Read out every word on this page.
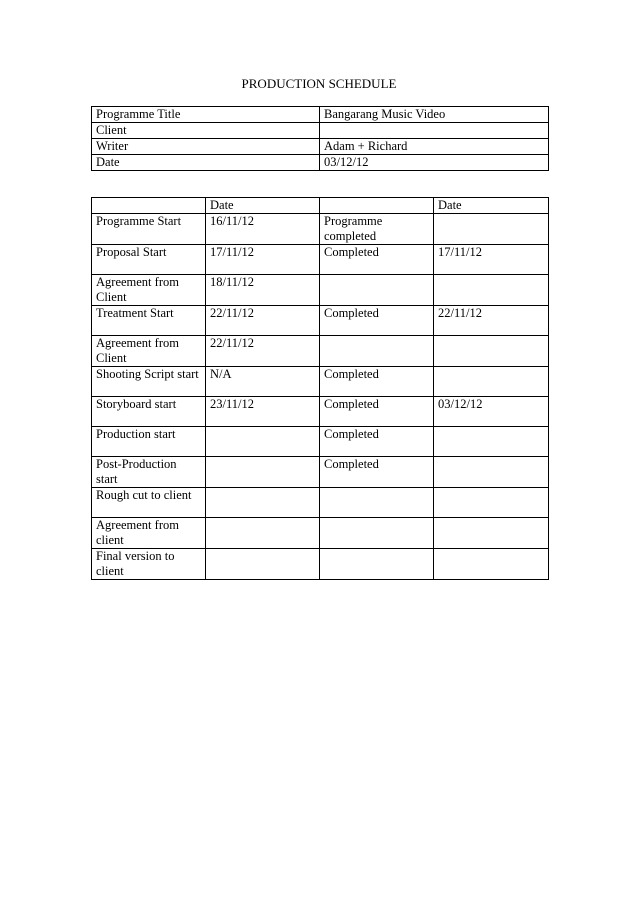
PRODUCTION SCHEDULE
Programme Title	Bangarang Music Video
Client	
Writer	Adam + Richard
Date	03/12/12
	Date		Date
Programme Start	16/11/12	Programme completed	
Proposal Start	17/11/12	Completed	17/11/12
Agreement from Client	18/11/12		
Treatment Start	22/11/12	Completed	22/11/12
Agreement from Client	22/11/12		
Shooting Script start	N/A	Completed	
Storyboard start	23/11/12	Completed	03/12/12
Production start		Completed	
Post-Production start		Completed	
Rough cut to client			
Agreement from client			
Final version to client			
